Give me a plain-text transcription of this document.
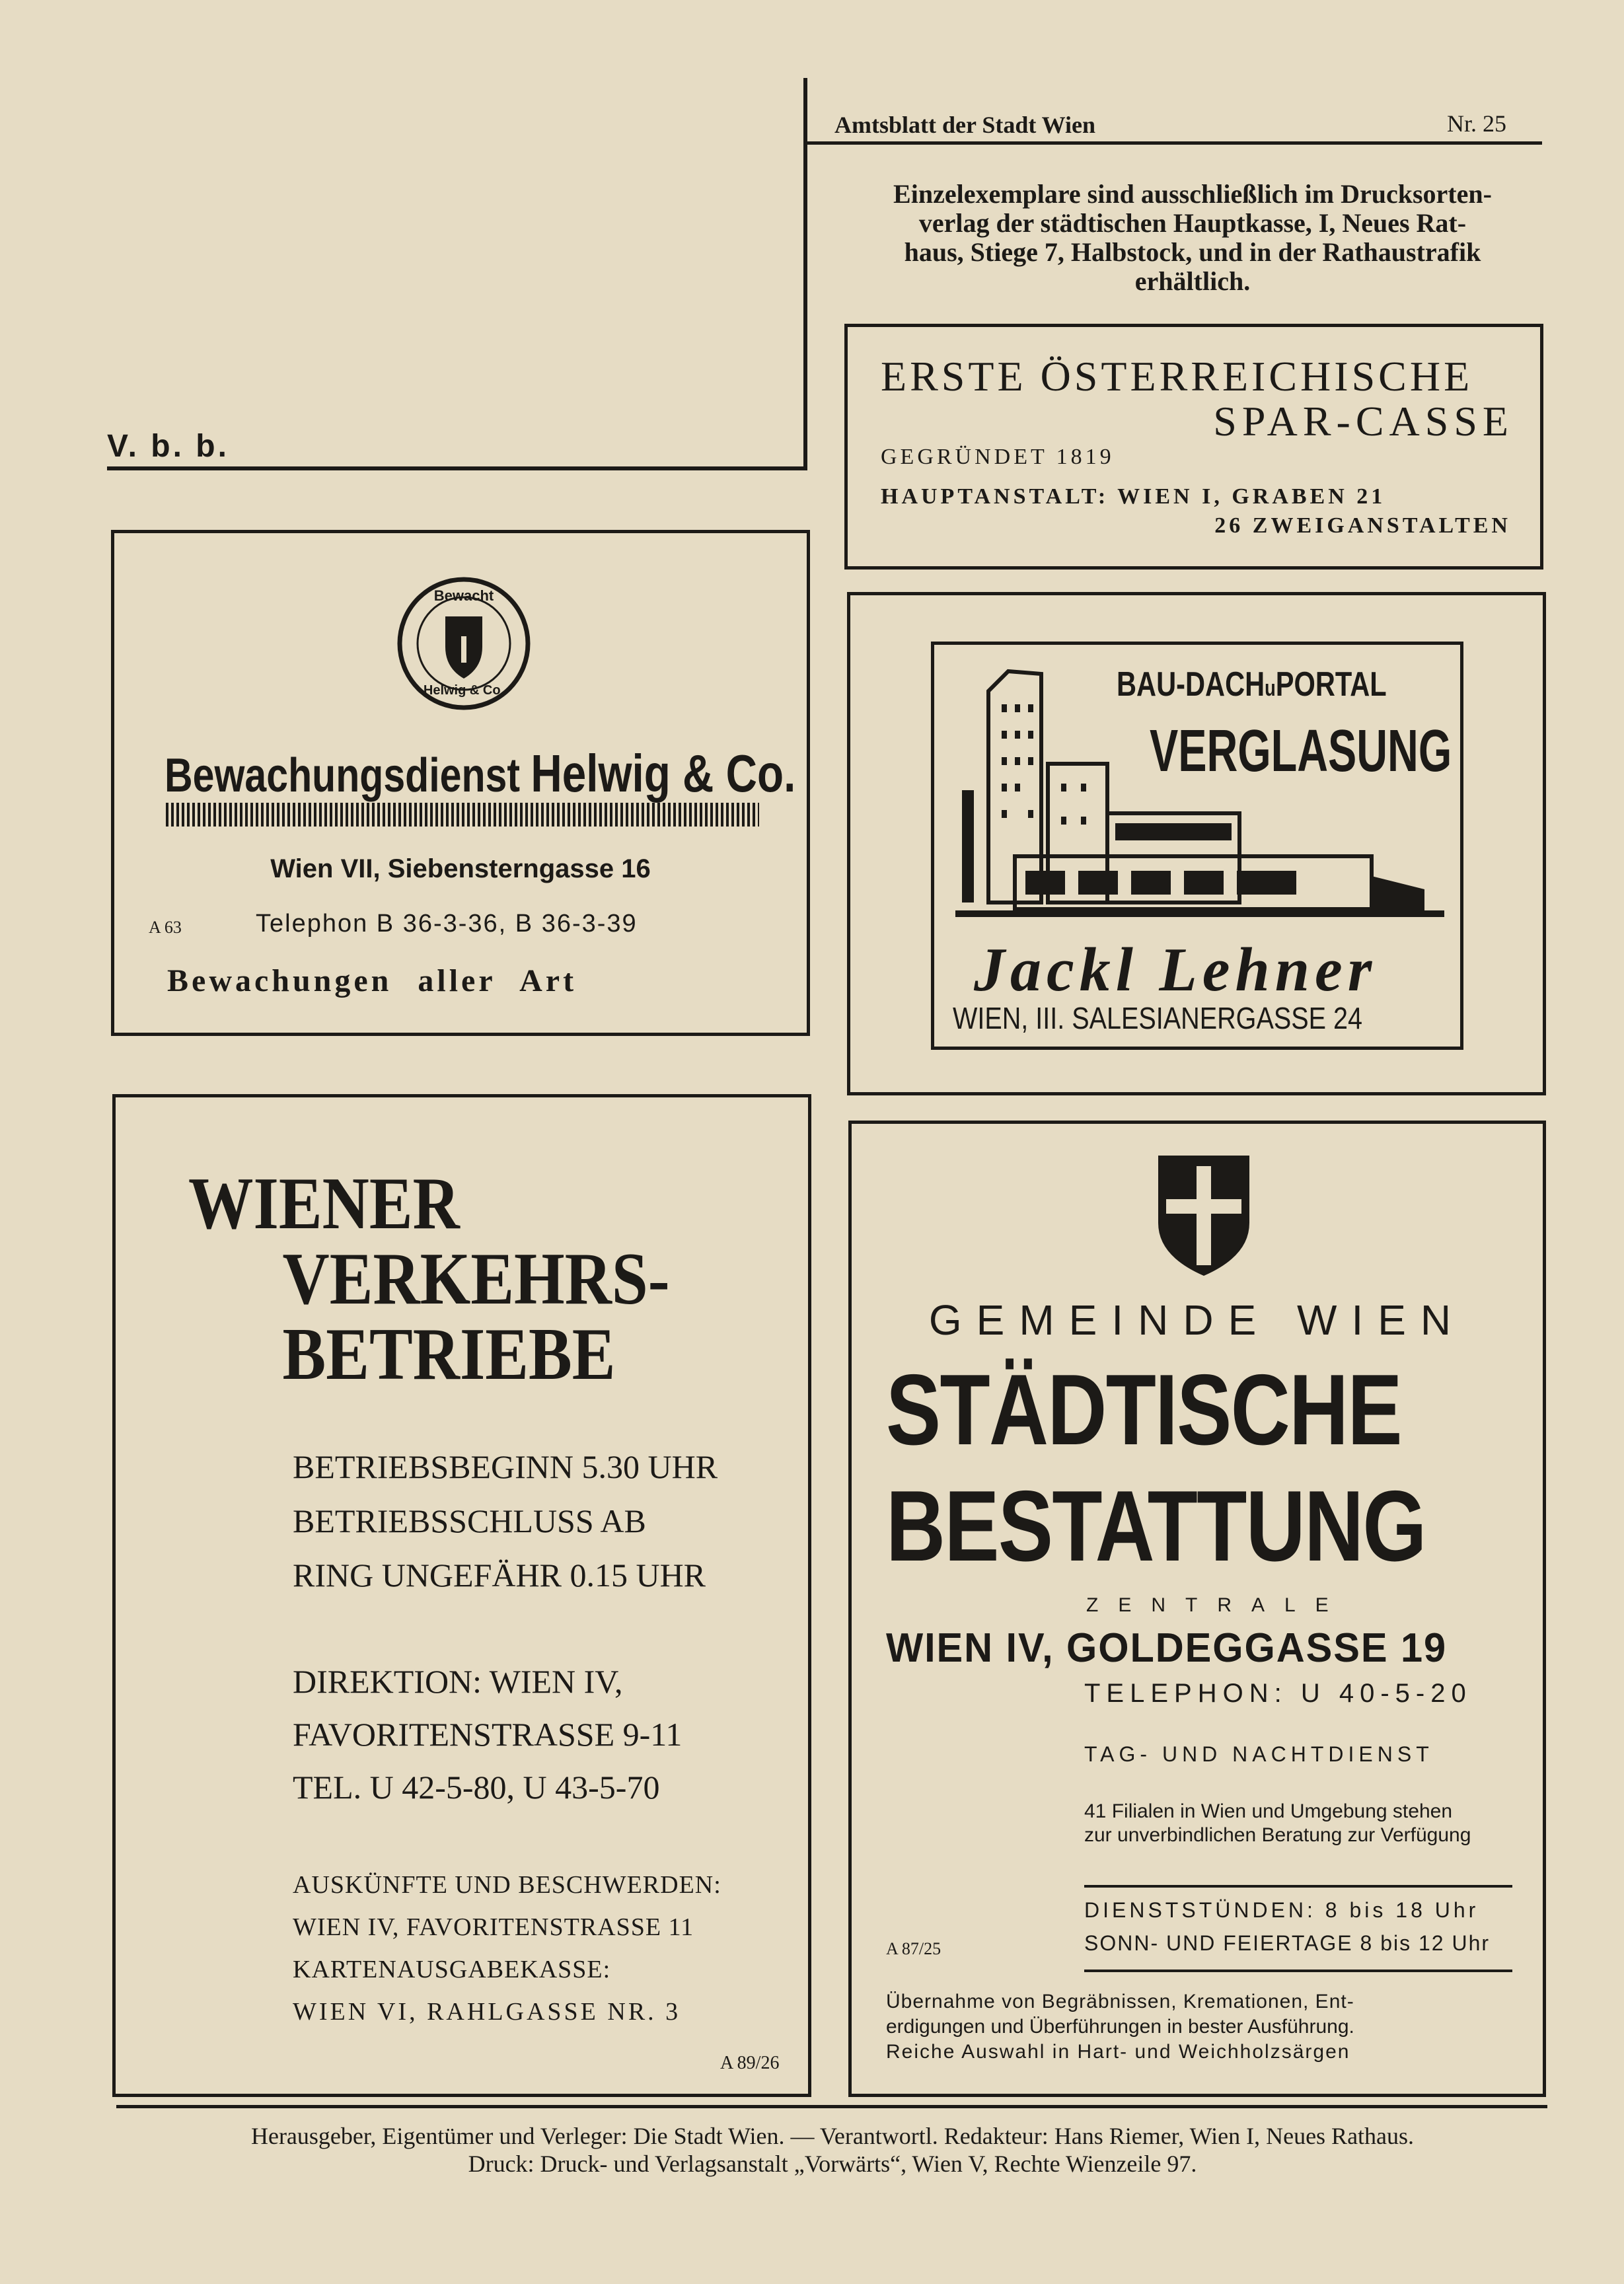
Amtsblatt der Stadt Wien	Nr. 25
Einzelexemplare sind ausschließlich im Drucksorten-
verlag der städtischen Hauptkasse, I, Neues Rat-
haus, Stiege 7, Halbstock, und in der Rathaustrafik
erhältlich.
V. b. b.
Bewacht
Helwig & Co.
Bewachungsdienst Helwig & Co.
Wien VII, Siebensterngasse 16
A 63	Telephon B 36-3-36, B 36-3-39
Bewachungen aller Art
ERSTE ÖSTERREICHISCHE
SPAR-CASSE
GEGRÜNDET 1819
HAUPTANSTALT: WIEN I, GRABEN 21
26 ZWEIGANSTALTEN
BAU-DACHuPORTAL
VERGLASUNG
Jackl Lehner
WIEN, III. SALESIANERGASSE 24
WIENER
VERKEHRS-
BETRIEBE
BETRIEBSBEGINN 5.30 UHR
BETRIEBSSCHLUSS AB
RING UNGEFÄHR 0.15 UHR
DIREKTION: WIEN IV,
FAVORITENSTRASSE 9-11
TEL. U 42-5-80, U 43-5-70
AUSKÜNFTE UND BESCHWERDEN:
WIEN IV, FAVORITENSTRASSE 11
KARTENAUSGABEKASSE:
WIEN VI, RAHLGASSE NR. 3
A 89/26
GEMEINDE WIEN
STÄDTISCHE
BESTATTUNG
ZENTRALE
WIEN IV, GOLDEGGASSE 19
TELEPHON: U 40-5-20
TAG- UND NACHTDIENST
41 Filialen in Wien und Umgebung stehen
zur unverbindlichen Beratung zur Verfügung
DIENSTSTÜNDEN: 8 bis 18 Uhr
SONN- UND FEIERTAGE 8 bis 12 Uhr
A 87/25
Übernahme von Begräbnissen, Kremationen, Ent-
erdigungen und Überführungen in bester Ausführung.
Reiche Auswahl in Hart- und Weichholzsärgen
Herausgeber, Eigentümer und Verleger: Die Stadt Wien. — Verantwortl. Redakteur: Hans Riemer, Wien I, Neues Rathaus.
Druck: Druck- und Verlagsanstalt „Vorwärts“, Wien V, Rechte Wienzeile 97.
